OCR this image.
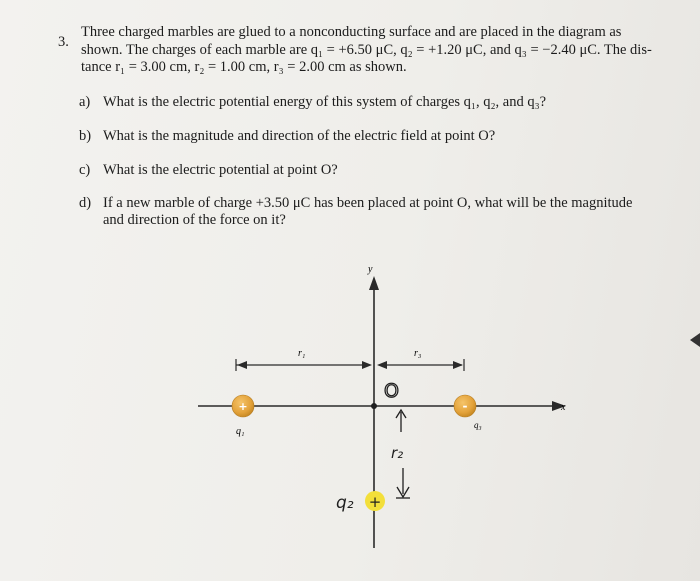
3.
Three charged marbles are glued to a nonconducting surface and are placed in the diagram as
shown. The charges of each marble are q₁ = +6.50 μC, q₂ = +1.20 μC, and q₃ = −2.40 μC. The dis-
tance r₁ = 3.00 cm, r₂ = 1.00 cm, r₃ = 2.00 cm as shown.
a) What is the electric potential energy of this system of charges q₁, q₂, and q₃?
b) What is the magnitude and direction of the electric field at point O?
c) What is the electric potential at point O?
d) If a new marble of charge +3.50 μC has been placed at point O, what will be the magnitude
and direction of the force on it?
x
y
r₁	r₃
+
q₁
-
q₃
O
r₂
+
q₂
